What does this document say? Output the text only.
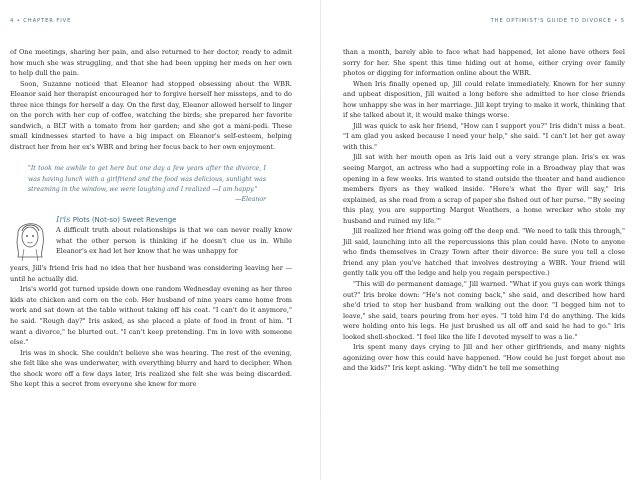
4 • CHAPTER FIVE

of One meetings, sharing her pain, and also returned to her doctor, ready to admit how much she was struggling, and that she had been upping her meds on her own to help dull the pain.

Soon, Suzanne noticed that Eleanor had stopped obsessing about the WBR. Eleanor said her therapist encouraged her to forgive herself her missteps, and to do three nice things for herself a day. On the first day, Eleanor allowed herself to linger on the porch with her cup of coffee, watching the birds; she prepared her favorite sandwich, a BLT with a tomato from her garden; and she got a mani-pedi. These small kindnesses started to have a big impact on Eleanor's self-esteem, helping distract her from her ex's WBR and bring her focus back to her own enjoyment.

"It took me awhile to get here but one day a few years after the divorce, I was having lunch with a girlfriend and the food was delicious, sunlight was streaming in the window, we were laughing and I realized —I am happy."
—Eleanor
Iris Plots (Not-so) Sweet Revenge

A difficult truth about relationships is that we can never really know what the other person is thinking if he doesn't clue us in. While Eleanor's ex had let her know that he was unhappy for

years, Jill's friend Iris had no idea that her husband was considering leaving her — until he actually did.

Iris's world got turned upside down one random Wednesday evening as her three kids ate chicken and corn on the cob. Her husband of nine years came home from work and sat down at the table without taking off his coat. "I can't do it anymore," he said. "Rough day?" Iris asked, as she placed a plate of food in front of him. "I want a divorce," he blurted out. "I can't keep pretending. I'm in love with someone else."

Iris was in shock. She couldn't believe she was hearing. The rest of the evening, she felt like she was underwater, with everything blurry and hard to decipher. When the shock wore off a few days later, Iris realized she felt she was being discarded. She kept this a secret from everyone she knew for more

THE OPTIMIST'S GUIDE TO DIVORCE • 5

than a month, barely able to face what had happened, let alone have others feel sorry for her. She spent this time hiding out at home, either crying over family photos or digging for information online about the WBR.

When Iris finally opened up, Jill could relate immediately. Known for her sunny and upbeat disposition, Jill waited a long before she admitted to her close friends how unhappy she was in her marriage. Jill kept trying to make it work, thinking that if she talked about it, it would make things worse.

Jill was quick to ask her friend, "How can I support you?" Iris didn't miss a beat. "I am glad you asked because I need your help," she said. "I can't let her get away with this."

Jill sat with her mouth open as Iris laid out a very strange plan. Iris's ex was seeing Margot, an actress who had a supporting role in a Broadway play that was opening in a few weeks. Iris wanted to stand outside the theater and hand audience members flyers as they walked inside. "Here's what the flyer will say," Iris explained, as she read from a scrap of paper she fished out of her purse. "'By seeing this play, you are supporting Margot Weathers, a home wrecker who stole my husband and ruined my life.'"

Jill realized her friend was going off the deep end. "We need to talk this through," Jill said, launching into all the repercussions this plan could have. (Note to anyone who finds themselves in Crazy Town after their divorce: Be sure you tell a close friend any plan you've hatched that involves destroying a WBR. Your friend will gently talk you off the ledge and help you regain perspective.)

"This will do permanent damage," Jill warned. "What if you guys can work things out?" Iris broke down: "He's not coming back," she said, and described how hard she'd tried to stop her husband from walking out the door. "I begged him not to leave," she said, tears pouring from her eyes. "I told him I'd do anything. The kids were holding onto his legs. He just brushed us all off and said he had to go." Iris looked shell-shocked. "I feel like the life I devoted myself to was a lie."

Iris spent many days crying to Jill and her other girlfriends, and many nights agonizing over how this could have happened. "How could he just forget about me and the kids?" Iris kept asking. "Why didn't he tell me something
